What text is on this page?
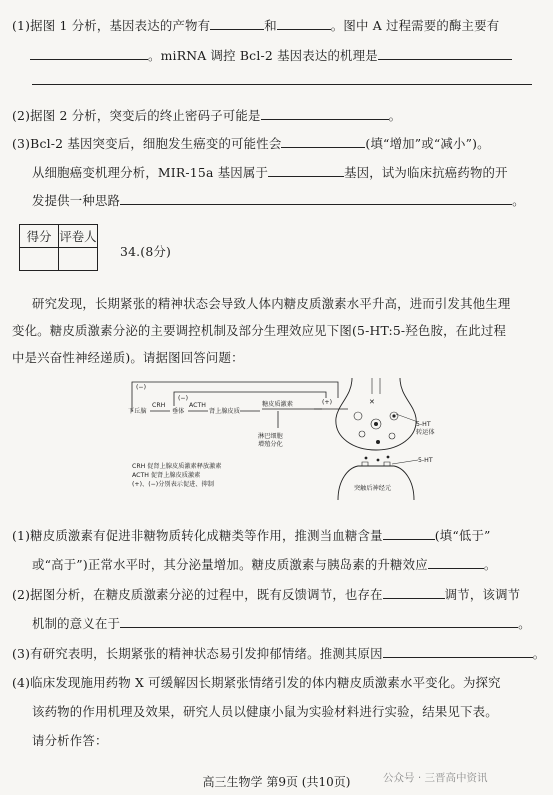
(1)据图 1 分析，基因表达的产物有	和	。图中 A 过程需要的酶主要有
。miRNA 调控 Bcl-2 基因表达的机理是
(2)据图 2 分析，突变后的终止密码子可能是	。
(3)Bcl-2 基因突变后，细胞发生癌变的可能性会	(填“增加”或“减小”)。
从细胞癌变机理分析，MIR-15a 基因属于	基因，试为临床抗癌药物的开
发提供一种思路	。
得分	评卷人

34.(8分)
研究发现，长期紧张的精神状态会导致人体内糖皮质激素水平升高，进而引发其他生理
变化。糖皮质激素分泌的主要调控机制及部分生理效应见下图(5-HT:5-羟色胺，在此过程
中是兴奋性神经递质)。请据图回答问题：
(−)
(−)
下丘脑
CRH
垂体
ACTH
肾上腺皮质
糖皮质激素	(+)
淋巴细胞
增殖分化
CRH 促肾上腺皮质激素释放激素
ACTH 促肾上腺皮质激素
(+)、(−)分别表示促进、抑制
✕
5-HT
转运体
5-HT
突触后神经元
(1)糖皮质激素有促进非糖物质转化成糖类等作用，推测当血糖含量	(填“低于”
或“高于”)正常水平时，其分泌量增加。糖皮质激素与胰岛素的升糖效应	。
(2)据图分析，在糖皮质激素分泌的过程中，既有反馈调节，也存在	调节，该调节
机制的意义在于	。
(3)有研究表明，长期紧张的精神状态易引发抑郁情绪。推测其原因	。
(4)临床发现施用药物 X 可缓解因长期紧张情绪引发的体内糖皮质激素水平变化。为探究
该药物的作用机理及效果，研究人员以健康小鼠为实验材料进行实验，结果见下表。
请分析作答：
高三生物学 第9页 (共10页)	公众号 · 三晋高中资讯
